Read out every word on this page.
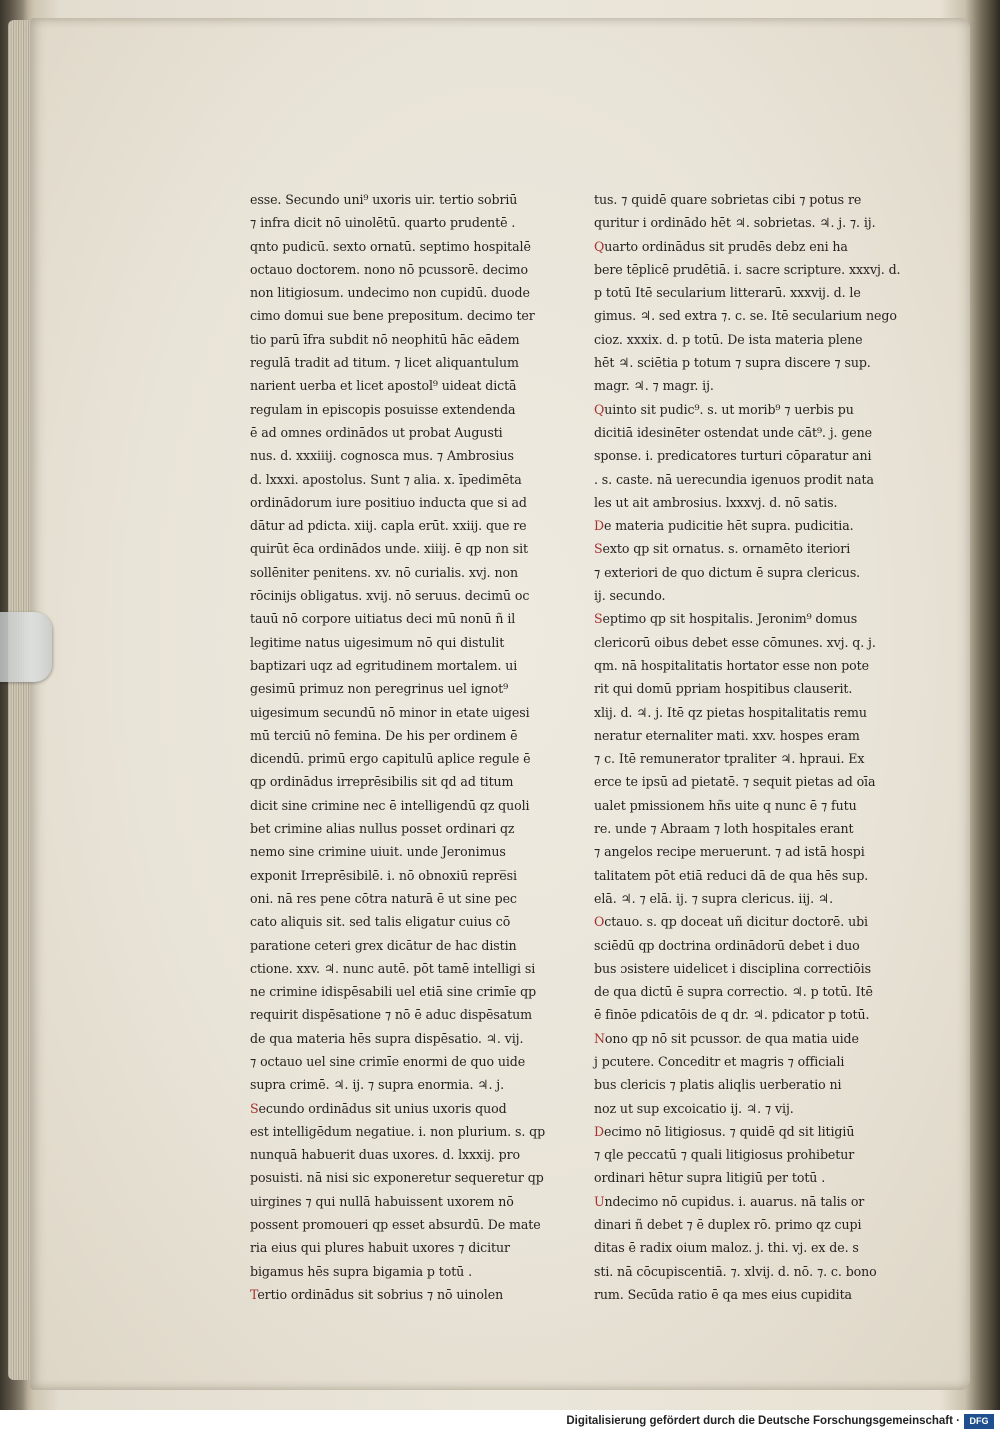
esse. Secundo uni⁹ uxoris uir. tertio sobriū
⁊ infra dicit nō uinolētū. quarto prudentē .
qnto pudicū. sexto ornatū. septimo hospitalē
octauo doctorem. nono nō pcussorē. decimo
non litigiosum. undecimo non cupidū. duode
cimo domui sue bene prepositum. decimo ter
tio parū īfra subdit nō neophitū hāc eādem
regulā tradit ad titum. ⁊ licet aliquantulum
narient uerba et licet apostol⁹ uideat dictā
regulam in episcopis posuisse extendenda
ē ad omnes ordinādos ut probat Augusti
nus. d. xxxiiij. cognosca mus. ⁊ Ambrosius
d. lxxxi. apostolus. Sunt ⁊ alia. x. īpedimēta
ordinādorum iure positiuo inducta que si ad
dātur ad pdicta. xiij. capla erūt. xxiij. que re
quirūt ēca ordinādos unde. xiiij. ē qp non sit
sollēniter penitens. xv. nō curialis. xvj. non
rōcinijs obligatus. xvij. nō seruus. decimū oc
tauū nō corpore uitiatus deci mū nonū ñ il
legitime natus uigesimum nō qui distulit
baptizari uqz ad egritudinem mortalem. ui
gesimū primuz non peregrinus uel ignot⁹
uigesimum secundū nō minor in etate uigesi
mū terciū nō femina. De his per ordinem ē
dicendū. primū ergo capitulū aplice regule ē
qp ordinādus irreprēsibilis sit qd ad titum
dicit sine crimine nec ē intelligendū qz quoli
bet crimine alias nullus posset ordinari qz
nemo sine crimine uiuit. unde Jeronimus
exponit Irreprēsibilē. i. nō obnoxiū repre̅si
oni. nā res pene cōtra naturā ē ut sine pec
cato aliquis sit. sed talis eligatur cuius cō
paratione ceteri grex dicātur de hac distin
ctione. xxv. ♃. nunc autē. pōt tamē intelligi si
ne crimine idispēsabili uel etiā sine crimīe qp
requirit dispēsatione ⁊ nō ē aduc dispēsatum
de qua materia hēs supra dispēsatio. ♃. vij.
⁊ octauo uel sine crimīe enormi de quo uide
supra crimē. ♃. ij. ⁊ supra enormia. ♃. j.
Secundo ordinādus sit unius uxoris quod
est intelligēdum negatiue. i. non plurium. s. qp
nunquā habuerit duas uxores. d. lxxxij. pro
posuisti. nā nisi sic exponeretur sequeretur qp
uirgines ⁊ qui nullā habuissent uxorem nō
possent promoueri qp esset absurdū. De mate
ria eius qui plures habuit uxores ⁊ dicitur
bigamus hēs supra bigamia p totū .
Tertio ordinādus sit sobrius ⁊ nō uinolen
tus. ⁊ quidē quare sobrietas cibi ⁊ potus re
quritur i ordinādo hēt ♃. sobrietas. ♃. j. ⁊. ij.
Quarto ordinādus sit prudēs debz eni ha
bere tēplicē prudētiā. i. sacre scripture. xxxvj. d.
p totū Itē secularium litterarū. xxxvij. d. le
gimus. ♃. sed extra ⁊. c. se. Itē secularium nego
cioz. xxxix. d. p totū. De ista materia plene
hēt ♃. sciētia p totum ⁊ supra discere ⁊ sup.
magr. ♃. ⁊ magr. ij.
Quinto sit pudic⁹. s. ut morib⁹ ⁊ uerbis pu
dicitiā idesinēter ostendat unde cāt⁹. j. gene
sponse. i. predicatores turturi cōparatur ani
. s. caste. nā uerecundia igenuos prodit nata
les ut ait ambrosius. lxxxvj. d. nō satis.
De materia pudicitie hēt supra. pudicitia.
Sexto qp sit ornatus. s. ornamēto iteriori
⁊ exteriori de quo dictum ē supra clericus.
ij. secundo.
Septimo qp sit hospitalis. Jeronim⁹ domus
clericorū oibus debet esse cōmunes. xvj. q. j.
qm. nā hospitalitatis hortator esse non pote
rit qui domū ppriam hospitibus clauserit.
xlij. d. ♃. j. Itē qz pietas hospitalitatis remu
neratur eternaliter mati. xxv. hospes eram
⁊ c. Itē remunerator tpraliter ♃. hpraui. Ex
erce te ipsū ad pietatē. ⁊ sequit pietas ad oīa
ualet pmissionem hñs uite q nunc ē ⁊ futu
re. unde ⁊ Abraam ⁊ loth hospitales erant
⁊ angelos recipe meruerunt. ⁊ ad istā hospi
talitatem pōt etiā reduci dā de qua hēs sup.
elā. ♃. ⁊ elā. ij. ⁊ supra clericus. iij. ♃.
Octauo. s. qp doceat uñ dicitur doctorē. ubi
sciēdū qp doctrina ordinādorū debet i duo
bus ɔsistere uidelicet i disciplina correctiōis
de qua dictū ē supra correctio. ♃. p totū. Itē
ē finōe pdicatōis de q dr. ♃. pdicator p totū.
Nono qp nō sit pcussor. de qua matia uide
j pcutere. Conceditr et magris ⁊ officiali
bus clericis ⁊ platis aliqlis uerberatio ni
noz ut sup excoicatio ij. ♃. ⁊ vij.
Decimo nō litigiosus. ⁊ quidē qd sit litigiū
⁊ qle peccatū ⁊ quali litigiosus prohibetur
ordinari hētur supra litigiū per totū .
Undecimo nō cupidus. i. auarus. nā talis or
dinari ñ debet ⁊ ē duplex rō. primo qz cupi
ditas ē radix oium maloz. j. thi. vj. ex de. s
sti. nā cōcupiscentiā. ⁊. xlvij. d. nō. ⁊. c. bono
rum. Secūda ratio ē qa mes eius cupidita
Digitalisierung gefördert durch die Deutsche Forschungsgemeinschaft ·	DFG
